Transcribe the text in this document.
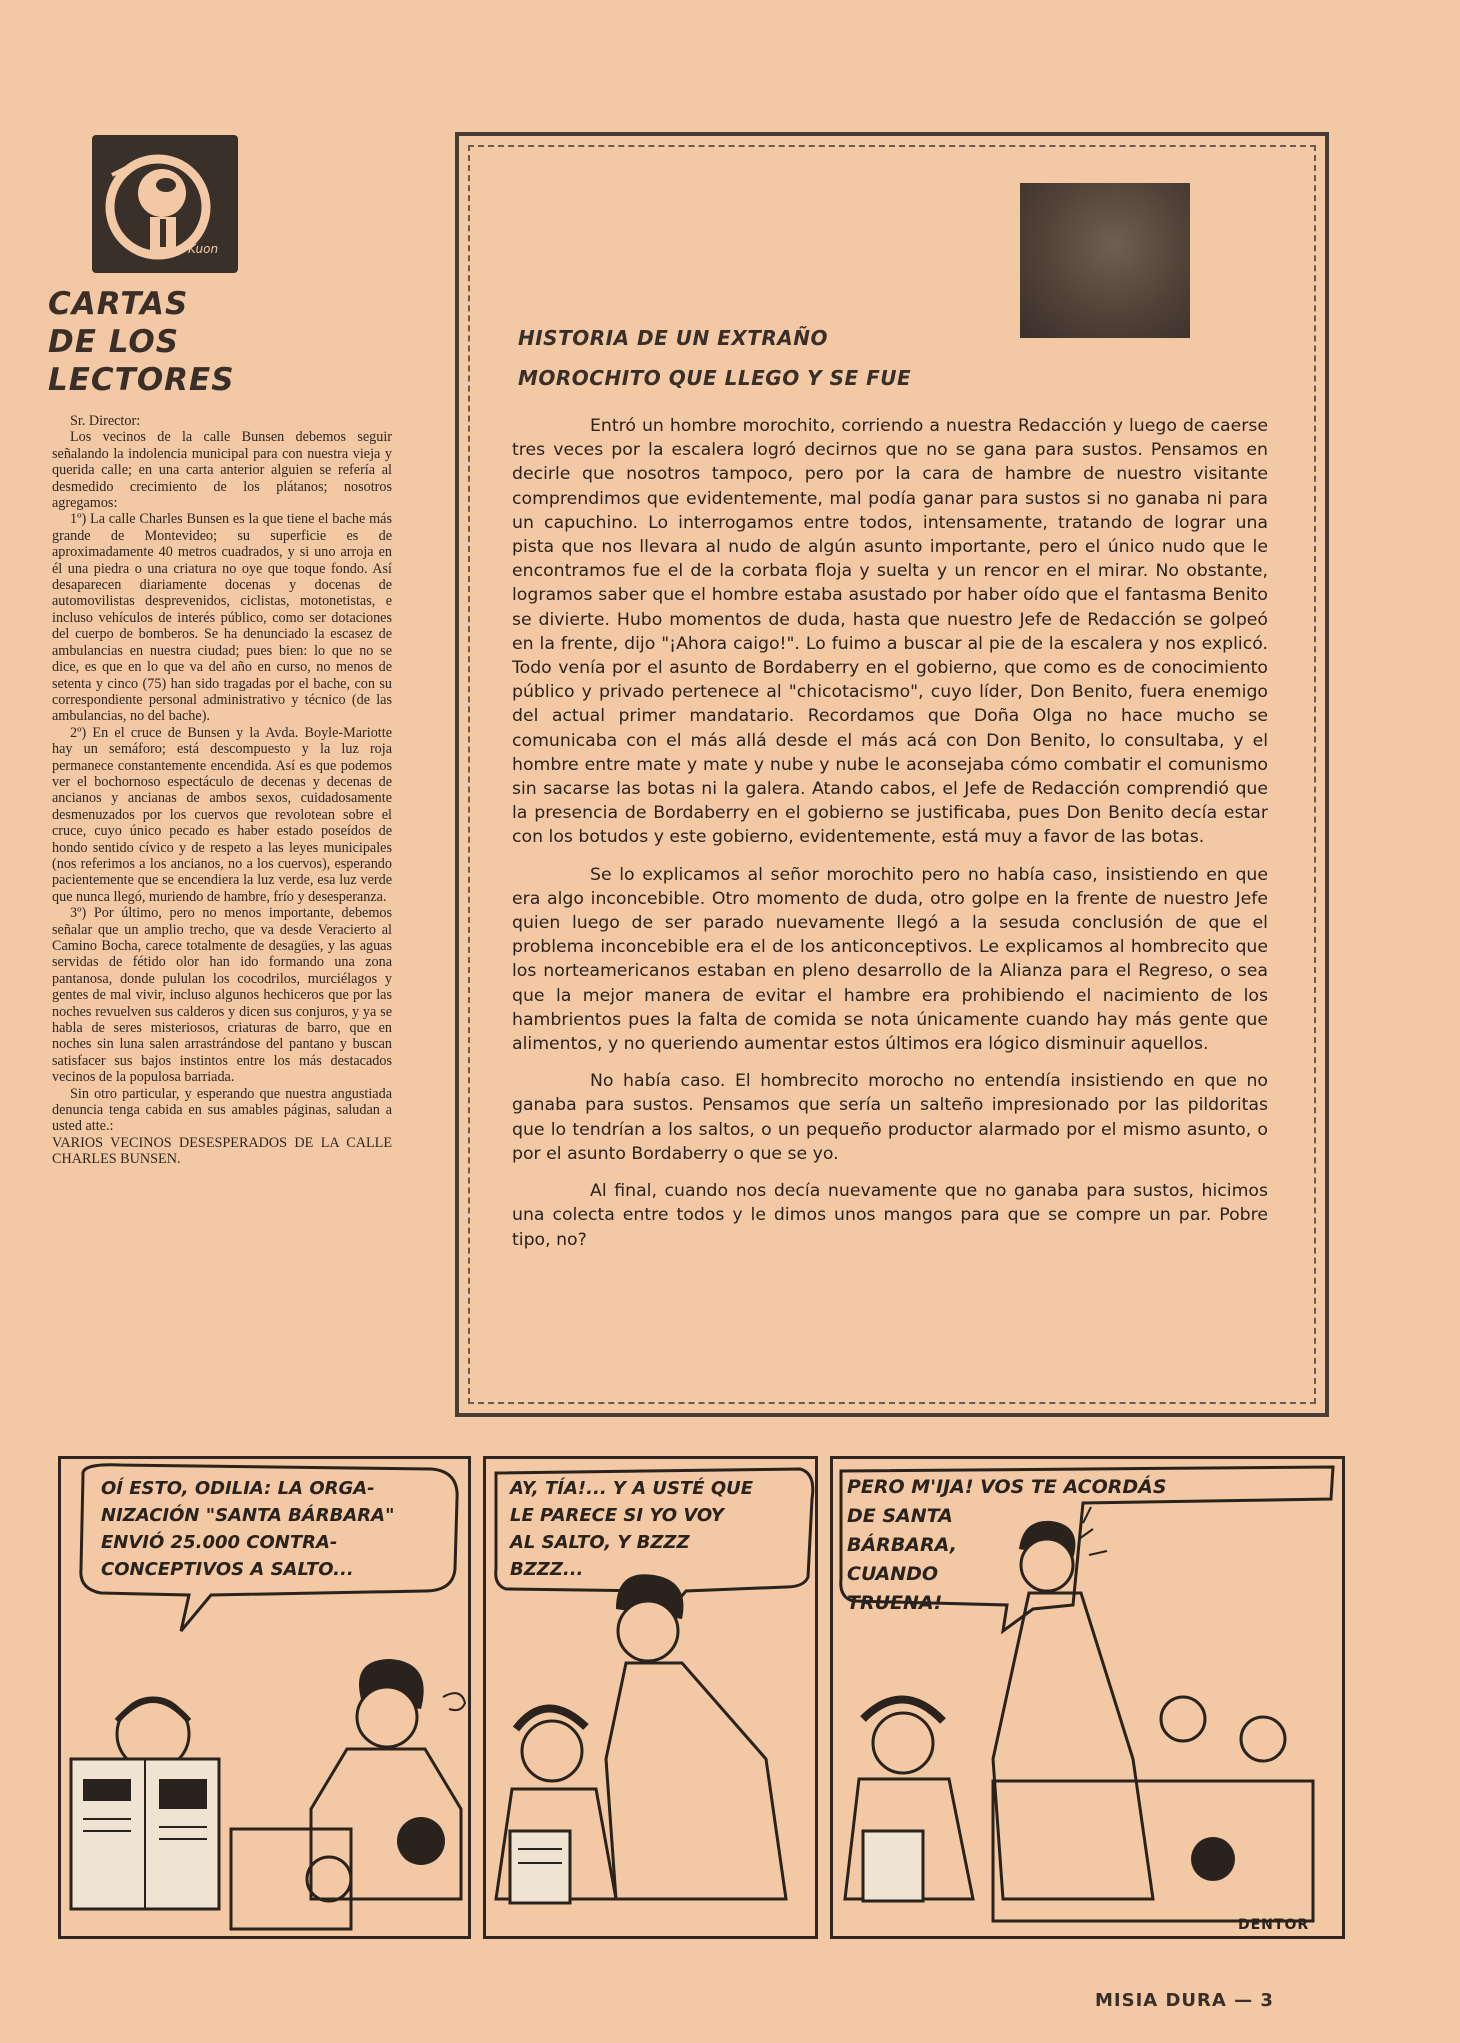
Kuon
CARTAS
DE LOS
LECTORES

Sr. Director:

Los vecinos de la calle Bunsen debemos seguir señalando la indolencia municipal para con nuestra vieja y querida calle; en una carta anterior alguien se refería al desmedido crecimiento de los plátanos; nosotros agregamos:

1º) La calle Charles Bunsen es la que tiene el bache más grande de Montevideo; su superficie es de aproximadamente 40 metros cuadrados, y si uno arroja en él una piedra o una criatura no oye que toque fondo. Así desaparecen diariamente docenas y docenas de automovilistas desprevenidos, ciclistas, motonetistas, e incluso vehículos de interés público, como ser dotaciones del cuerpo de bomberos. Se ha denunciado la escasez de ambulancias en nuestra ciudad; pues bien: lo que no se dice, es que en lo que va del año en curso, no menos de setenta y cinco (75) han sido tragadas por el bache, con su correspondiente personal administrativo y técnico (de las ambulancias, no del bache).

2º) En el cruce de Bunsen y la Avda. Boyle-Mariotte hay un semáforo; está descompuesto y la luz roja permanece constantemente encendida. Así es que podemos ver el bochornoso espectáculo de decenas y decenas de ancianos y ancianas de ambos sexos, cuidadosamente desmenuzados por los cuervos que revolotean sobre el cruce, cuyo único pecado es haber estado poseídos de hondo sentido cívico y de respeto a las leyes municipales (nos referimos a los ancianos, no a los cuervos), esperando pacientemente que se encendiera la luz verde, esa luz verde que nunca llegó, muriendo de hambre, frío y desesperanza.

3º) Por último, pero no menos importante, debemos señalar que un amplio trecho, que va desde Veracierto al Camino Bocha, carece totalmente de desagües, y las aguas servidas de fétido olor han ido formando una zona pantanosa, donde pululan los cocodrilos, murciélagos y gentes de mal vivir, incluso algunos hechiceros que por las noches revuelven sus calderos y dicen sus conjuros, y ya se habla de seres misteriosos, criaturas de barro, que en noches sin luna salen arrastrándose del pantano y buscan satisfacer sus bajos instintos entre los más destacados vecinos de la populosa barriada.

Sin otro particular, y esperando que nuestra angustiada denuncia tenga cabida en sus amables páginas, saludan a usted atte.:

VARIOS VECINOS DESESPERADOS DE LA CALLE CHARLES BUNSEN.

HISTORIA DE UN EXTRAÑO
MOROCHITO QUE LLEGO Y SE FUE

Entró un hombre morochito, corriendo a nuestra Redacción y luego de caerse tres veces por la escalera logró decirnos que no se gana para sustos. Pensamos en decirle que nosotros tampoco, pero por la cara de hambre de nuestro visitante comprendimos que evidentemente, mal podía ganar para sustos si no ganaba ni para un capuchino. Lo interrogamos entre todos, intensamente, tratando de lograr una pista que nos llevara al nudo de algún asunto importante, pero el único nudo que le encontramos fue el de la corbata floja y suelta y un rencor en el mirar. No obstante, logramos saber que el hombre estaba asustado por haber oído que el fantasma Benito se divierte. Hubo momentos de duda, hasta que nuestro Jefe de Redacción se golpeó en la frente, dijo "¡Ahora caigo!". Lo fuimo a buscar al pie de la escalera y nos explicó. Todo venía por el asunto de Bordaberry en el gobierno, que como es de conocimiento público y privado pertenece al "chicotacismo", cuyo líder, Don Benito, fuera enemigo del actual primer mandatario. Recordamos que Doña Olga no hace mucho se comunicaba con el más allá desde el más acá con Don Benito, lo consultaba, y el hombre entre mate y mate y nube y nube le aconsejaba cómo combatir el comunismo sin sacarse las botas ni la galera. Atando cabos, el Jefe de Redacción comprendió que la presencia de Bordaberry en el gobierno se justificaba, pues Don Benito decía estar con los botudos y este gobierno, evidentemente, está muy a favor de las botas.

Se lo explicamos al señor morochito pero no había caso, insistiendo en que era algo inconcebible. Otro momento de duda, otro golpe en la frente de nuestro Jefe quien luego de ser parado nuevamente llegó a la sesuda conclusión de que el problema inconcebible era el de los anticonceptivos. Le explicamos al hombrecito que los norteamericanos estaban en pleno desarrollo de la Alianza para el Regreso, o sea que la mejor manera de evitar el hambre era prohibiendo el nacimiento de los hambrientos pues la falta de comida se nota únicamente cuando hay más gente que alimentos, y no queriendo aumentar estos últimos era lógico disminuir aquellos.

No había caso. El hombrecito morocho no entendía insistiendo en que no ganaba para sustos. Pensamos que sería un salteño impresionado por las pildoritas que lo tendrían a los saltos, o un pequeño productor alarmado por el mismo asunto, o por el asunto Bordaberry o que se yo.

Al final, cuando nos decía nuevamente que no ganaba para sustos, hicimos una colecta entre todos y le dimos unos mangos para que se compre un par. Pobre tipo, no?

OÍ ESTO, ODILIA: LA ORGA-
NIZACIÓN "SANTA BÁRBARA"
ENVIÓ 25.000 CONTRA-
CONCEPTIVOS A SALTO...
AY, TÍA!... Y A USTÉ QUE
LE PARECE SI YO VOY
AL SALTO, Y BZZZ
BZZZ...
PERO M'IJA! VOS TE ACORDÁS
DE SANTA
BÁRBARA,
CUANDO
TRUENA!
DENTOR
MISIA DURA — 3
